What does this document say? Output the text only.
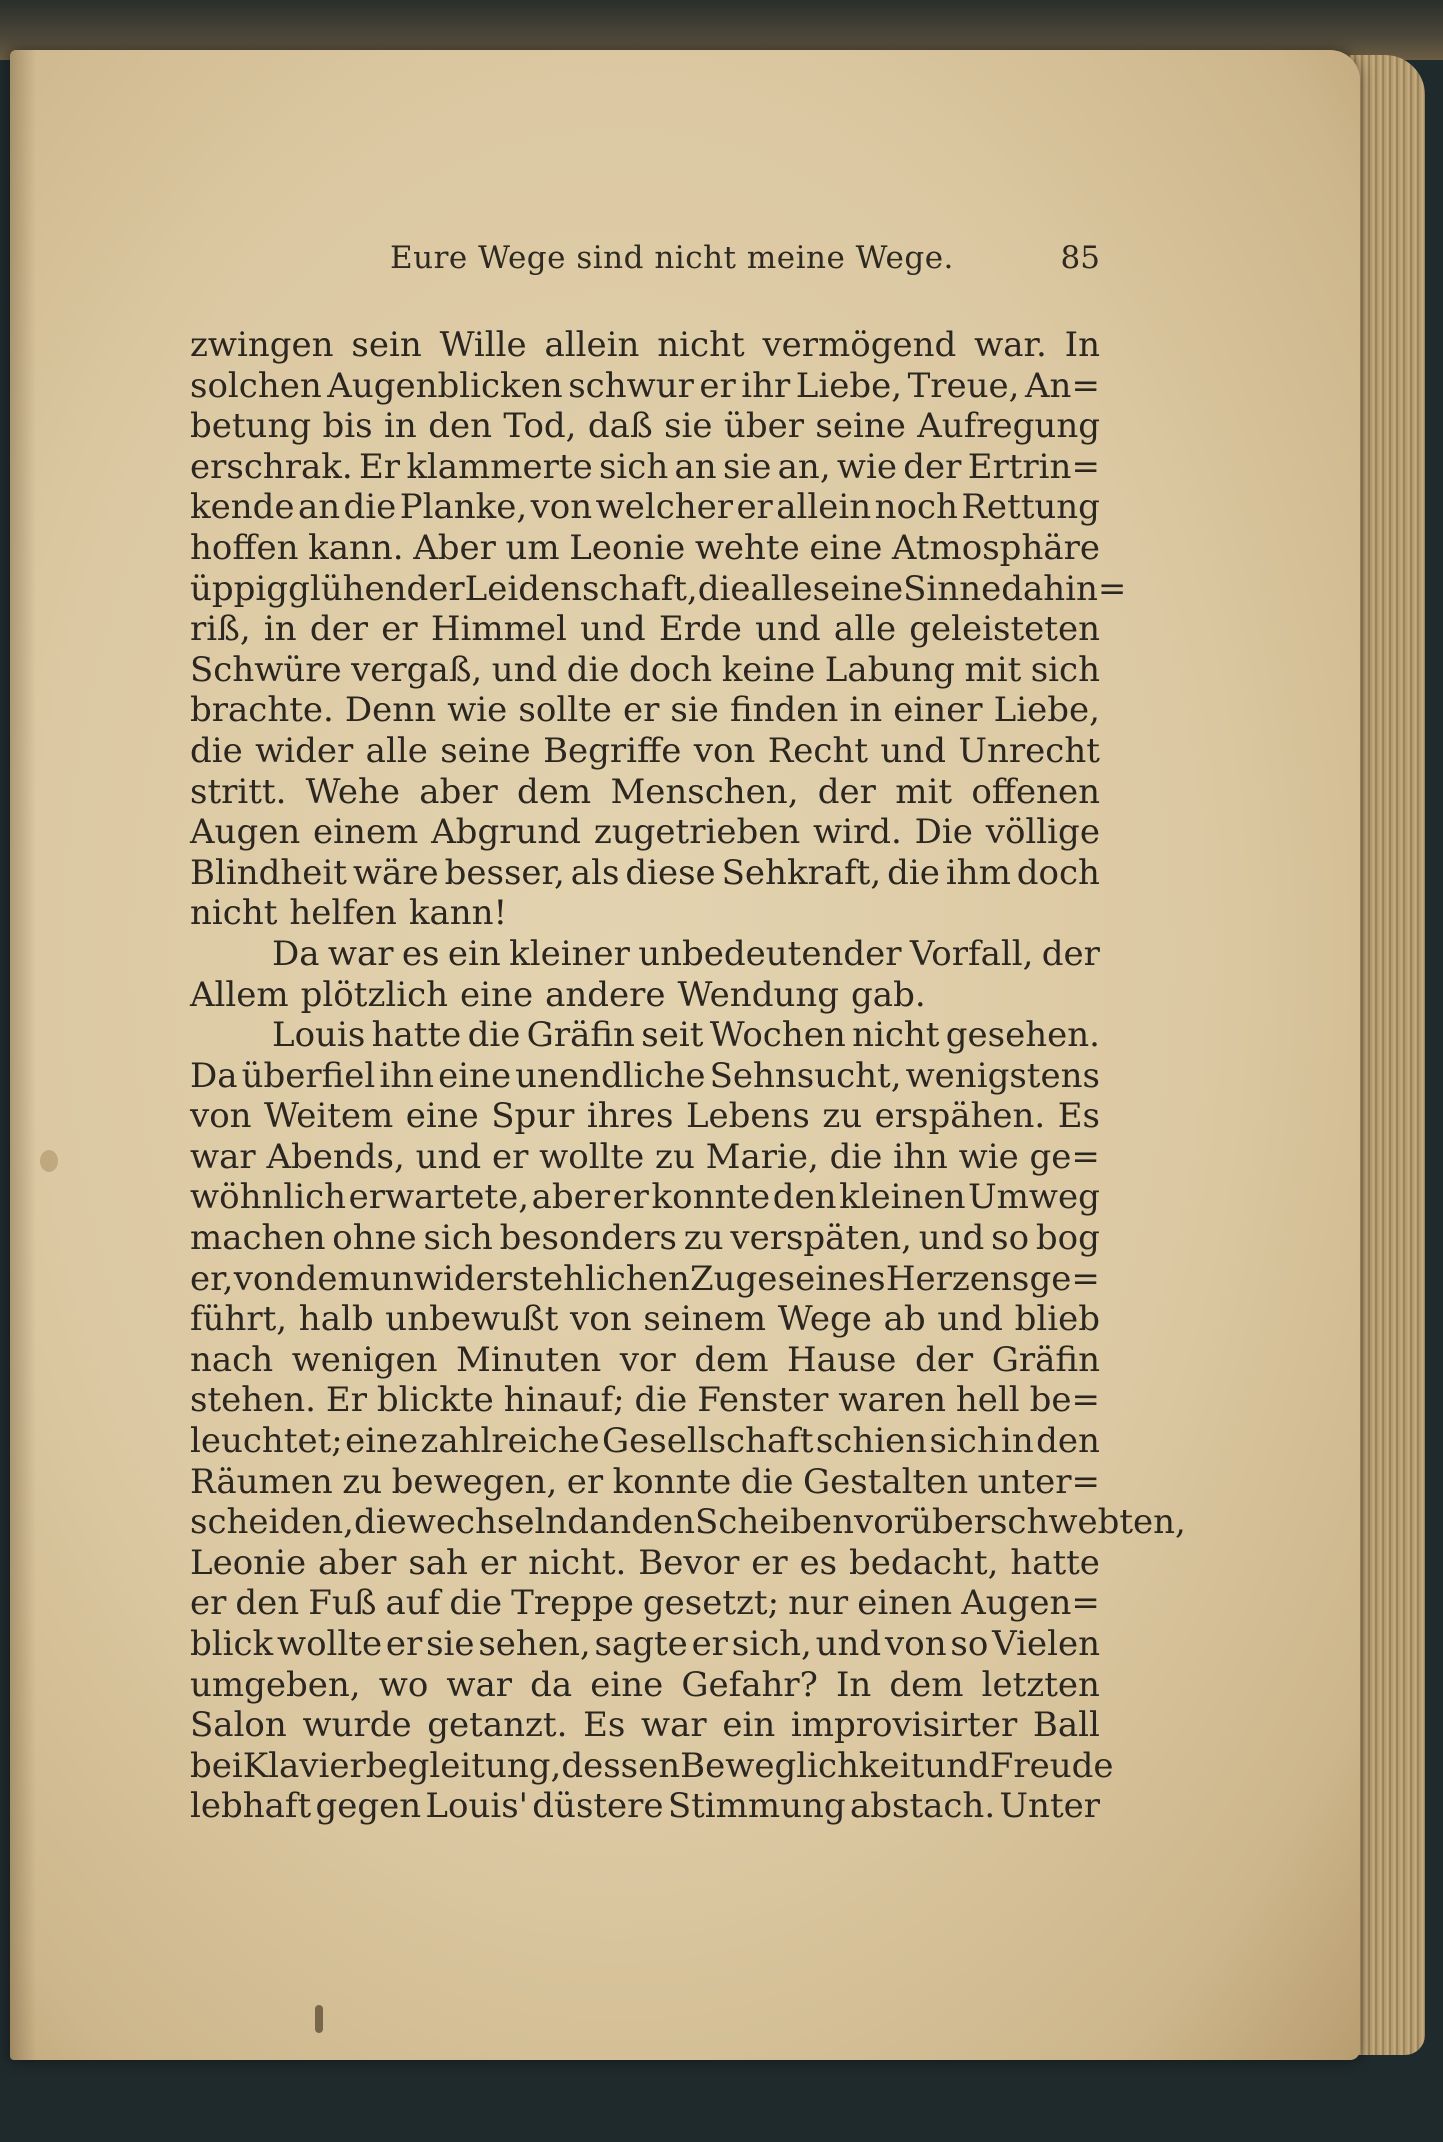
Eure Wege sind nicht meine Wege.	85
zwingen sein Wille allein nicht vermögend war. In
solchen Augenblicken schwur er ihr Liebe, Treue, An=
betung bis in den Tod, daß sie über seine Aufregung
erschrak. Er klammerte sich an sie an, wie der Ertrin=
kende an die Planke, von welcher er allein noch Rettung
hoffen kann. Aber um Leonie wehte eine Atmosphäre
üppig glühender Leidenschaft, die alle seine Sinne dahin=
riß, in der er Himmel und Erde und alle geleisteten
Schwüre vergaß, und die doch keine Labung mit sich
brachte. Denn wie sollte er sie finden in einer Liebe,
die wider alle seine Begriffe von Recht und Unrecht
stritt. Wehe aber dem Menschen, der mit offenen
Augen einem Abgrund zugetrieben wird. Die völlige
Blindheit wäre besser, als diese Sehkraft, die ihm doch
nicht helfen kann!
Da war es ein kleiner unbedeutender Vorfall, der
Allem plötzlich eine andere Wendung gab.
Louis hatte die Gräfin seit Wochen nicht gesehen.
Da überfiel ihn eine unendliche Sehnsucht, wenigstens
von Weitem eine Spur ihres Lebens zu erspähen. Es
war Abends, und er wollte zu Marie, die ihn wie ge=
wöhnlich erwartete, aber er konnte den kleinen Umweg
machen ohne sich besonders zu verspäten, und so bog
er, von dem unwiderstehlichen Zuge seines Herzens ge=
führt, halb unbewußt von seinem Wege ab und blieb
nach wenigen Minuten vor dem Hause der Gräfin
stehen. Er blickte hinauf; die Fenster waren hell be=
leuchtet; eine zahlreiche Gesellschaft schien sich in den
Räumen zu bewegen, er konnte die Gestalten unter=
scheiden, die wechselnd an den Scheiben vorüberschwebten,
Leonie aber sah er nicht. Bevor er es bedacht, hatte
er den Fuß auf die Treppe gesetzt; nur einen Augen=
blick wollte er sie sehen, sagte er sich, und von so Vielen
umgeben, wo war da eine Gefahr? In dem letzten
Salon wurde getanzt. Es war ein improvisirter Ball
bei Klavierbegleitung, dessen Beweglichkeit und Freude
lebhaft gegen Louis' düstere Stimmung abstach. Unter
